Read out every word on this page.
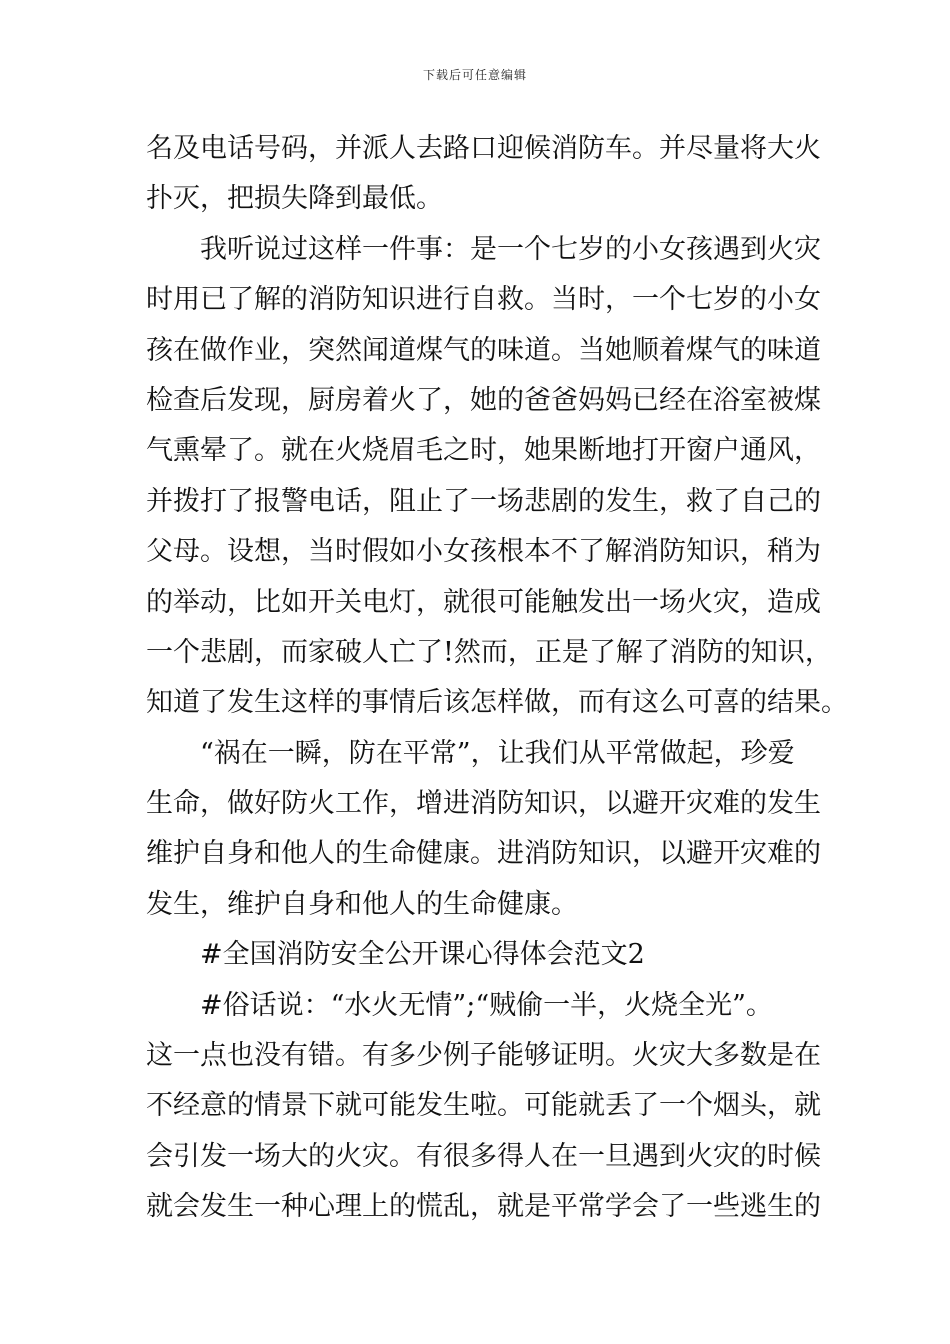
下载后可任意编辑
名及电话号码，并派人去路口迎候消防车。并尽量将大火
扑灭，把损失降到最低。
我听说过这样一件事：是一个七岁的小女孩遇到火灾
时用已了解的消防知识进行自救。当时，一个七岁的小女
孩在做作业，突然闻道煤气的味道。当她顺着煤气的味道
检查后发现，厨房着火了，她的爸爸妈妈已经在浴室被煤
气熏晕了。就在火烧眉毛之时，她果断地打开窗户通风，
并拨打了报警电话，阻止了一场悲剧的发生，救了自己的
父母。设想，当时假如小女孩根本不了解消防知识，稍为
的举动，比如开关电灯，就很可能触发出一场火灾，造成
一个悲剧，而家破人亡了!然而，正是了解了消防的知识，
知道了发生这样的事情后该怎样做，而有这么可喜的结果。
“祸在一瞬，防在平常”，让我们从平常做起，珍爱
生命，做好防火工作，增进消防知识，以避开灾难的发生
维护自身和他人的生命健康。进消防知识，以避开灾难的
发生，维护自身和他人的生命健康。
#全国消防安全公开课心得体会范文2
#俗话说：“水火无情”;“贼偷一半，火烧全光”。
这一点也没有错。有多少例子能够证明。火灾大多数是在
不经意的情景下就可能发生啦。可能就丢了一个烟头，就
会引发一场大的火灾。有很多得人在一旦遇到火灾的时候
就会发生一种心理上的慌乱，就是平常学会了一些逃生的
